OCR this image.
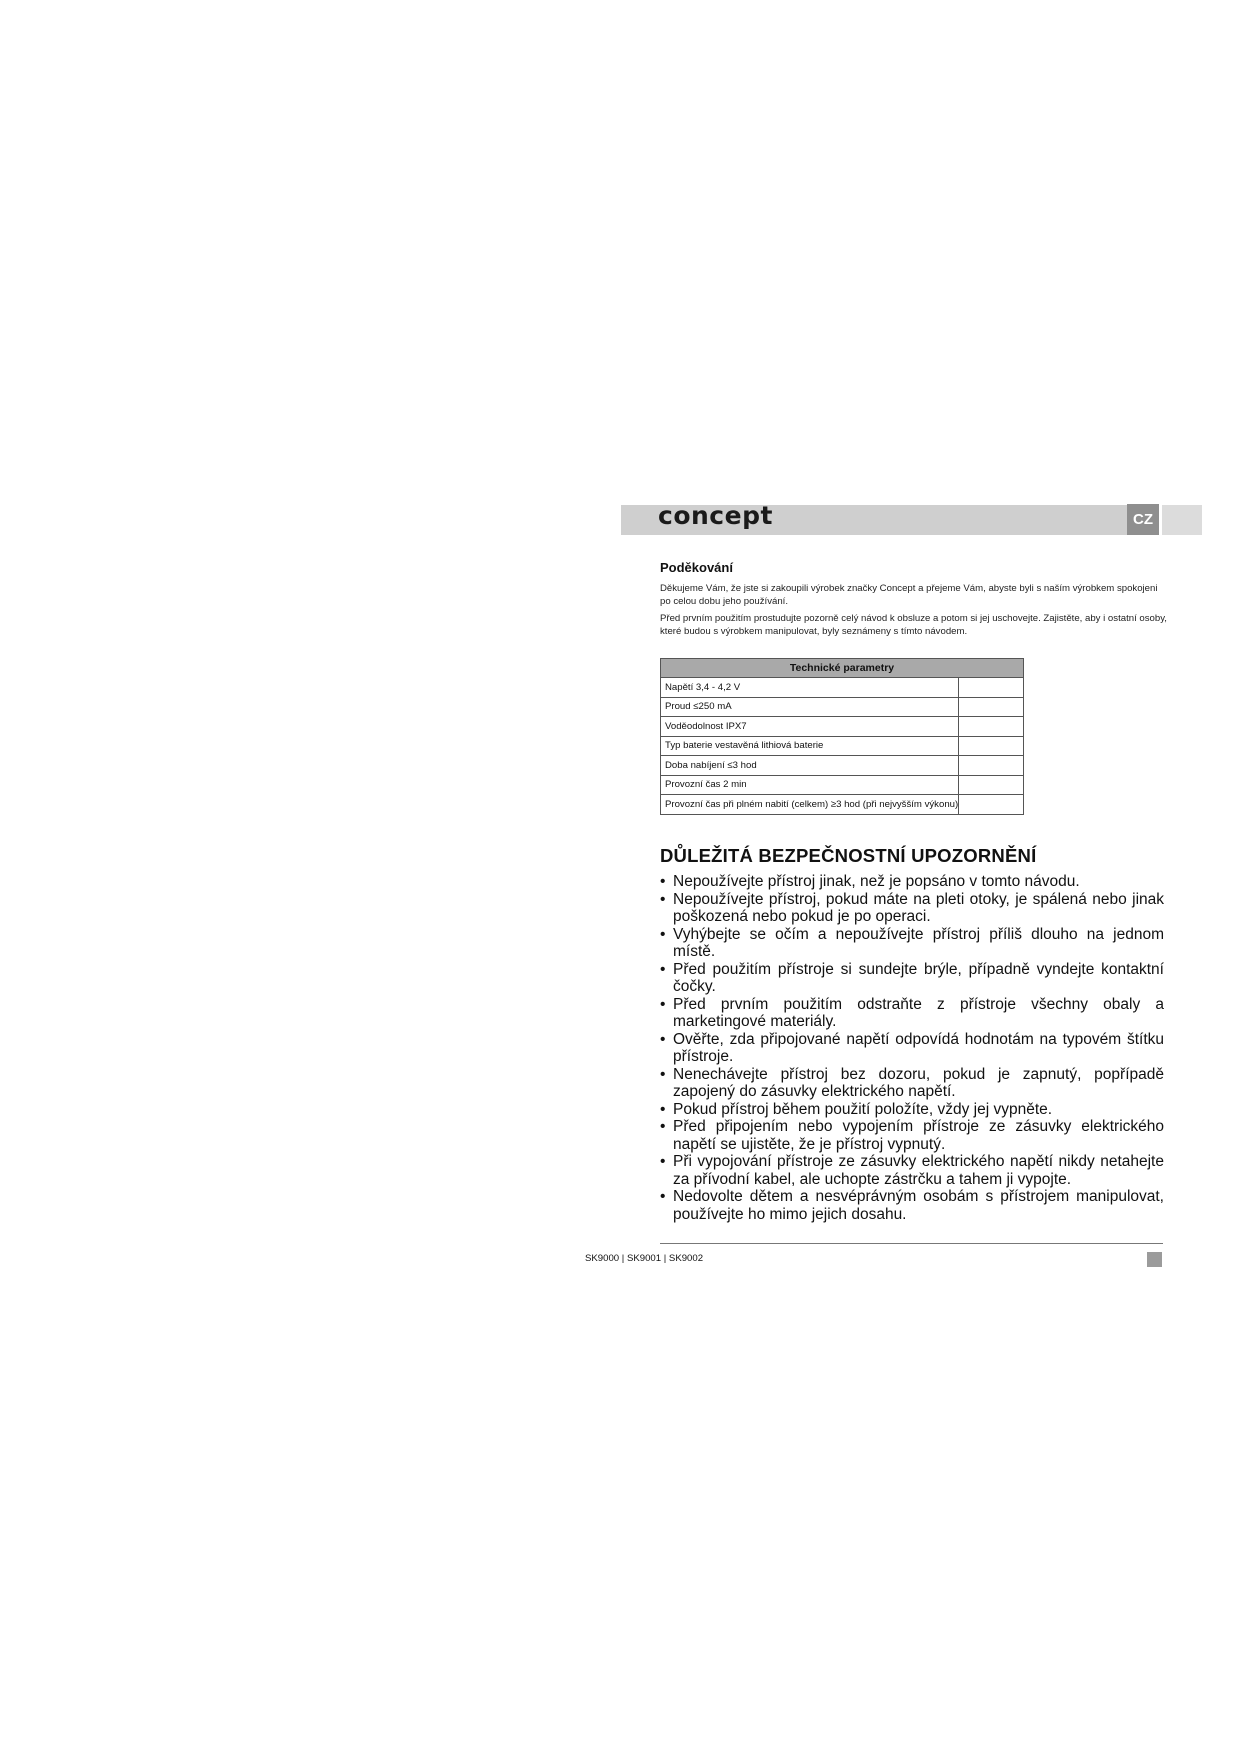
concept	CZ
Poděkování

Děkujeme Vám, že jste si zakoupili výrobek značky Concept a přejeme Vám, abyste byli s naším výrobkem spokojeni po celou dobu jeho používání.

Před prvním použitím prostudujte pozorně celý návod k obsluze a potom si jej uschovejte. Zajistěte, aby i ostatní osoby, které budou s výrobkem manipulovat, byly seznámeny s tímto návodem.

Technické parametry	
Napětí 3,4 - 4,2 V	
Proud ≤250 mA	
Voděodolnost IPX7	
Typ baterie vestavěná lithiová baterie	
Doba nabíjení ≤3 hod	
Provozní čas 2 min	
Provozní čas při plném nabití (celkem) ≥3 hod (při nejvyšším výkonu)	
DŮLEŽITÁ BEZPEČNOSTNÍ UPOZORNĚNÍ
• Nepoužívejte přístroj jinak, než je popsáno v tomto návodu.
• Nepoužívejte přístroj, pokud máte na pleti otoky, je spálená nebo jinak poškozená nebo pokud je po operaci.
• Vyhýbejte se očím a nepoužívejte přístroj příliš dlouho na jednom místě.
• Před použitím přístroje si sundejte brýle, případně vyndejte kontaktní čočky.
• Před prvním použitím odstraňte z přístroje všechny obaly a marketingové materiály.
• Ověřte, zda připojované napětí odpovídá hodnotám na typovém štítku přístroje.
• Nenechávejte přístroj bez dozoru, pokud je zapnutý, popřípadě zapojený do zásuvky elektrického napětí.
• Pokud přístroj během použití položíte, vždy jej vypněte.
• Před připojením nebo vypojením přístroje ze zásuvky elektrického napětí se ujistěte, že je přístroj vypnutý.
• Při vypojování přístroje ze zásuvky elektrického napětí nikdy netahejte za přívodní kabel, ale uchopte zástrčku a tahem ji vypojte.
• Nedovolte dětem a nesvéprávným osobám s přístrojem manipulovat, používejte ho mimo jejich dosahu.
SK9000 | SK9001 | SK9002
